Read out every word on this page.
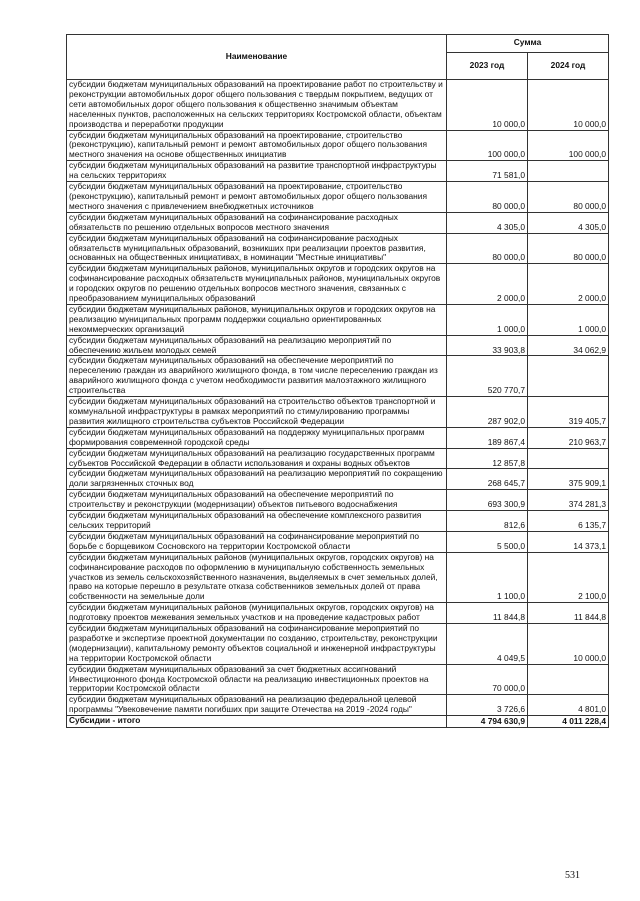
Наименование	Сумма	
	2023 год	2024 год
субсидии бюджетам муниципальных образований на проектирование работ по строительству и реконструкции автомобильных дорог общего пользования с твердым покрытием, ведущих от сети автомобильных дорог общего пользования к общественно значимым объектам населенных пунктов, расположенных на сельских территориях Костромской области, объектам производства и переработки продукции	10 000,0	10 000,0
субсидии бюджетам муниципальных образований на проектирование, строительство (реконструкцию), капитальный ремонт и ремонт автомобильных дорог общего пользования местного значения на основе общественных инициатив	100 000,0	100 000,0
субсидии бюджетам муниципальных образований на развитие транспортной инфраструктуры на сельских территориях	71 581,0	
субсидии бюджетам муниципальных образований на проектирование, строительство (реконструкцию), капитальный ремонт и ремонт автомобильных дорог общего пользования местного значения с привлечением внебюджетных источников	80 000,0	80 000,0
субсидии бюджетам муниципальных образований на софинансирование расходных обязательств по решению отдельных вопросов местного значения	4 305,0	4 305,0
субсидии бюджетам муниципальных образований на софинансирование расходных обязательств муниципальных образований, возникших при реализации проектов развития, основанных на общественных инициативах, в номинации "Местные инициативы"	80 000,0	80 000,0
субсидии бюджетам муниципальных районов, муниципальных округов и городских округов на софинансирование расходных обязательств муниципальных районов, муниципальных округов и городских округов по решению отдельных вопросов местного значения, связанных с преобразованием муниципальных образований	2 000,0	2 000,0
субсидии бюджетам муниципальных районов, муниципальных округов и городских округов на реализацию муниципальных программ поддержки социально ориентированных некоммерческих организаций	1 000,0	1 000,0
субсидии бюджетам муниципальных образований на реализацию мероприятий по обеспечению жильем молодых семей	33 903,8	34 062,9
субсидии бюджетам муниципальных образований на обеспечение мероприятий по переселению граждан из аварийного жилищного фонда, в том числе переселению граждан из аварийного жилищного фонда с учетом необходимости развития малоэтажного жилищного строительства	520 770,7	
субсидии бюджетам муниципальных образований на строительство объектов транспортной и коммунальной инфраструктуры в рамках мероприятий по стимулированию программы развития жилищного строительства субъектов Российской Федерации	287 902,0	319 405,7
субсидии бюджетам муниципальных образований на поддержку муниципальных программ формирования современной городской среды	189 867,4	210 963,7
субсидии бюджетам муниципальных образований на реализацию государственных программ субъектов Российской Федерации в области использования и охраны водных объектов	12 857,8	
субсидии бюджетам муниципальных образований на реализацию мероприятий по сокращению доли загрязненных сточных вод	268 645,7	375 909,1
субсидии бюджетам муниципальных образований на обеспечение мероприятий по строительству и реконструкции (модернизации) объектов питьевого водоснабжения	693 300,9	374 281,3
субсидии бюджетам муниципальных образований на обеспечение комплексного развития сельских территорий	812,6	6 135,7
субсидии бюджетам муниципальных образований на софинансирование мероприятий по борьбе с борщевиком Сосновского на территории Костромской области	5 500,0	14 373,1
субсидии бюджетам муниципальных районов (муниципальных округов, городских округов) на софинансирование расходов по оформлению в муниципальную собственность земельных участков из земель сельскохозяйственного назначения, выделяемых в счет земельных долей, право на которые перешло в результате отказа собственников земельных долей от права собственности на земельные доли	1 100,0	2 100,0
субсидии бюджетам муниципальных районов (муниципальных округов, городских округов) на подготовку проектов межевания земельных участков и на проведение кадастровых работ	11 844,8	11 844,8
субсидии бюджетам муниципальных образований на софинансирование мероприятий по разработке и экспертизе проектной документации по созданию, строительству, реконструкции (модернизации), капитальному ремонту объектов социальной и инженерной инфраструктуры на территории Костромской области	4 049,5	10 000,0
субсидии бюджетам муниципальных образований за счет бюджетных ассигнований Инвестиционного фонда Костромской области на реализацию инвестиционных проектов на территории Костромской области	70 000,0	
субсидии бюджетам муниципальных образований на реализацию федеральной целевой программы "Увековечение памяти погибших при защите Отечества на 2019 -2024 годы"	3 726,6	4 801,0
Субсидии - итого	4 794 630,9	4 011 228,4
531
